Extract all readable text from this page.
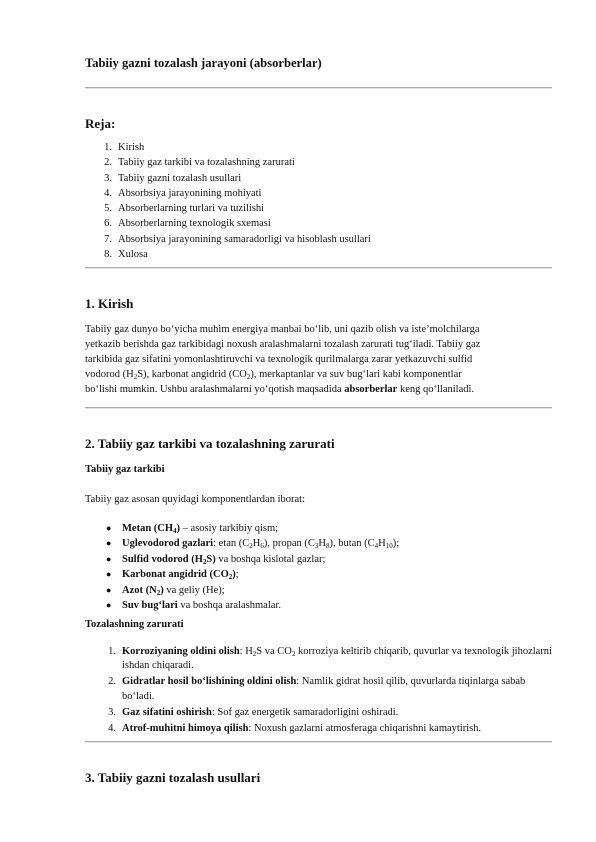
Tabiiy gazni tozalash jarayoni (absorberlar)
Reja:
1. Kirish
2. Tabiiy gaz tarkibi va tozalashning zarurati
3. Tabiiy gazni tozalash usullari
4. Absorbsiya jarayonining mohiyati
5. Absorberlarning turlari va tuzilishi
6. Absorberlarning texnologik sxemasi
7. Absorbsiya jarayonining samaradorligi va hisoblash usullari
8. Xulosa
1. Kirish
Tabiiy gaz dunyo bo‘yicha muhim energiya manbai bo‘lib, uni qazib olish va iste’molchilarga
yetkazib berishda gaz tarkibidagi noxush aralashmalarni tozalash zarurati tug‘iladi. Tabiiy gaz
tarkibida gaz sifatini yomonlashtiruvchi va texnologik qurilmalarga zarar yetkazuvchi sulfid
vodorod $(H_2S)$, karbonat angidrid $(CO_2)$, merkaptanlar va suv bug‘lari kabi komponentlar
bo‘lishi mumkin. Ushbu aralashmalarni yo‘qotish maqsadida absorberlar keng qo‘llaniladi.
2. Tabiiy gaz tarkibi va tozalashning zarurati
Tabiiy gaz tarkibi
Tabiiy gaz asosan quyidagi komponentlardan iborat:
● Metan $(CH_4)$ – asosiy tarkibiy qism;
● Uglevodorod gazlari: etan $(C_2H_6)$, propan $(C_3H_8)$, butan $(C_4H_{10})$;
● Sulfid vodorod $(H_2S)$ va boshqa kislotal gazlar;
● Karbonat angidrid $(CO_2)$;
● Azot $(N_2)$ va geliy (He);
● Suv bug‘lari va boshqa aralashmalar.
Tozalashning zarurati
1. Korroziyaning oldini olish: $H_2S$ va $CO_2$ korroziya keltirib chiqarib, quvurlar va texnologik jihozlarni ishdan chiqaradi.
2. Gidratlar hosil bo‘lishining oldini olish: Namlik gidrat hosil qilib, quvurlarda tiqinlarga sabab bo‘ladi.
3. Gaz sifatini oshirish: Sof gaz energetik samaradorligini oshiradi.
4. Atrof-muhitni himoya qilish: Noxush gazlarni atmosferaga chiqarishni kamaytirish.
3. Tabiiy gazni tozalash usullari
